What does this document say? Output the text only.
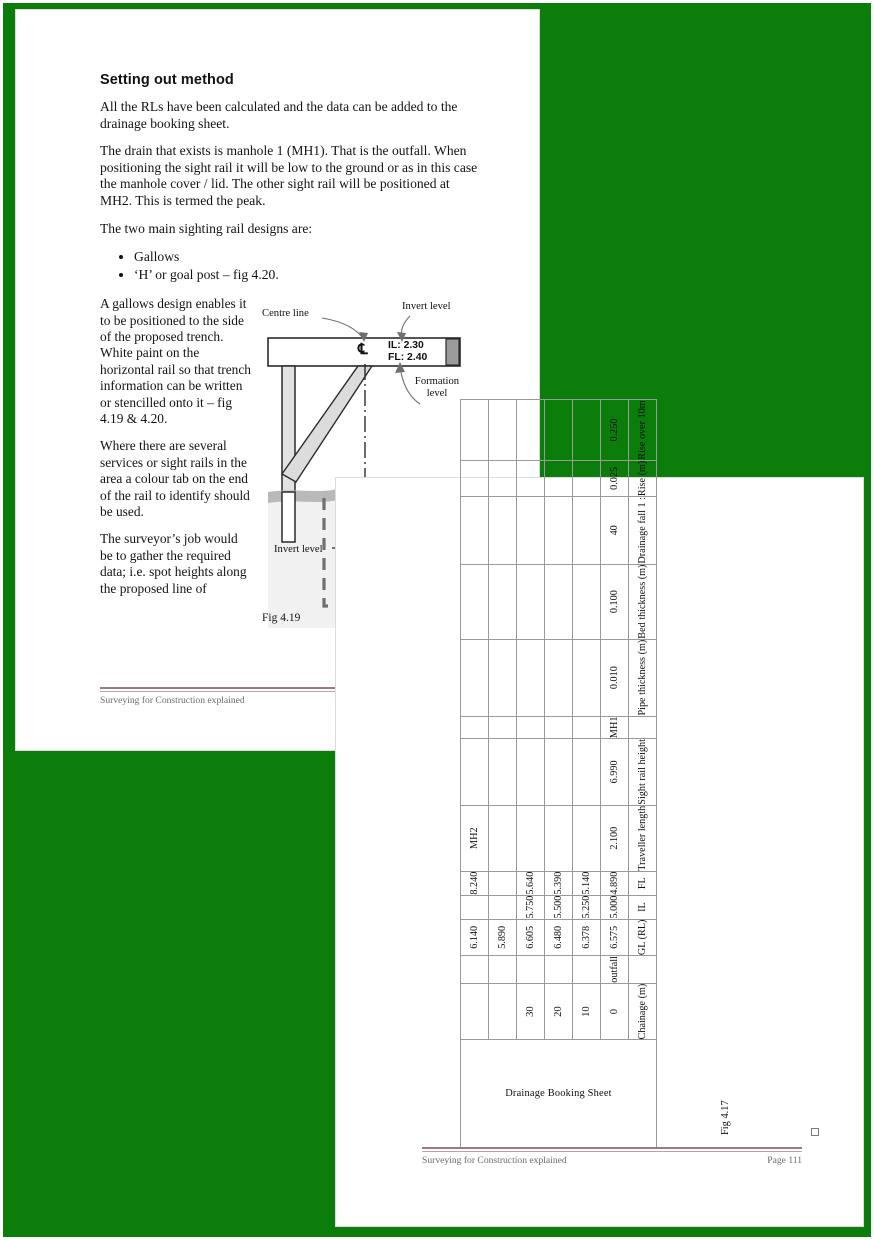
Setting out method

All the RLs have been calculated and the data can be added to the drainage booking sheet.

The drain that exists is manhole 1 (MH1). That is the outfall. When positioning the sight rail it will be low to the ground or as in this case the manhole cover / lid. The other sight rail will be positioned at MH2. This is termed the peak.

The two main sighting rail designs are:

• Gallows
• ‘H’ or goal post – fig 4.20.

A gallows design enables it to be positioned to the side of the proposed trench. White paint on the horizontal rail so that trench information can be written or stencilled onto it – fig 4.19 & 4.20.

Where there are several services or sight rails in the area a colour tab on the end of the rail to identify should be used.

The surveyor’s job would be to gather the required data; i.e. spot heights along the proposed line of

Centre line
Invert level
Formation level
Invert level
℄ IL: 2.30
FL: 2.40
Fig 4.19
Surveying for Construction explained
Drainage Booking Sheet			6.140		8.240	MH2							
			5.890										
	30		6.605	5.750	5.640								
	20		6.480	5.500	5.390								
	10		6.378	5.250	5.140								
	0	outfall	6.575	5.000	4.890	2.100	6.990	MH1	0.010	0.100	40	0.025	0.250
	Chainage (m)		GL (RL)	IL	FL	Traveller length	Sight rail height		Pipe thickness (m)	Bed thickness (m)	Drainage fall 1 :	Rise (m)	Rise over 10m
Fig 4.17
Surveying for Construction explained	Page 111
